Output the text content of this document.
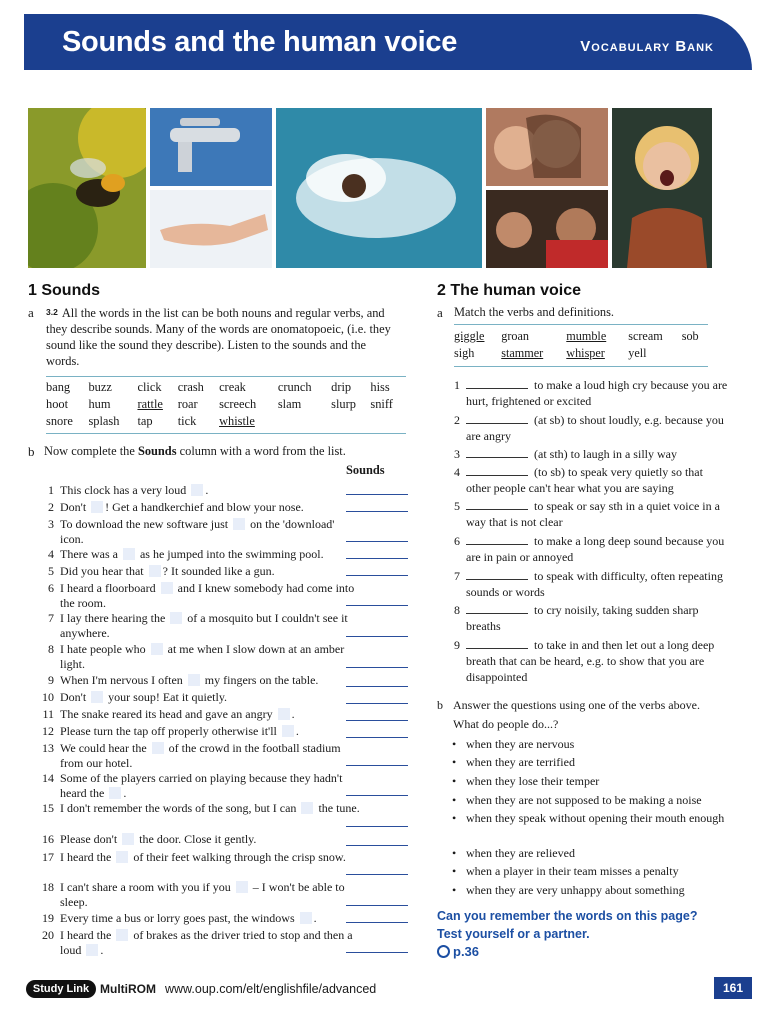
Sounds and the human voice	Vocabulary Bank
1 Sounds
a 3.2 All the words in the list can be both nouns and regular verbs, and they describe sounds. Many of the words are onomatopoeic, (i.e. they sound like the sound they describe). Listen to the sounds and the words.
bang	buzz	click	crash	creak	crunch	drip	hiss
hoot	hum	rattle	roar	screech	slam	slurp	sniff
snore	splash	tap	tick	whistle			
b Now complete the Sounds column with a word from the list.
Sounds
1 This clock has a very loud .
2 Don't ! Get a handkerchief and blow your nose.
3 To download the new software just  on the 'download' icon.
4 There was a  as he jumped into the swimming pool.
5 Did you hear that ? It sounded like a gun.
6 I heard a floorboard  and I knew somebody had come into the room.
7 I lay there hearing the  of a mosquito but I couldn't see it anywhere.
8 I hate people who  at me when I slow down at an amber light.
9 When I'm nervous I often  my fingers on the table.
10 Don't  your soup! Eat it quietly.
11 The snake reared its head and gave an angry .
12 Please turn the tap off properly otherwise it'll .
13 We could hear the  of the crowd in the football stadium from our hotel.
14 Some of the players carried on playing because they hadn't heard the .
15 I don't remember the words of the song, but I can  the tune.
16 Please don't  the door. Close it gently.
17 I heard the  of their feet walking through the crisp snow.
18 I can't share a room with you if you  – I won't be able to sleep.
19 Every time a bus or lorry goes past, the windows .
20 I heard the  of brakes as the driver tried to stop and then a loud .
2 The human voice
a Match the verbs and definitions.
giggle	groan	mumble	scream	sob
sigh	stammer	whisper	yell	
1	to make a loud high cry because you are hurt, frightened or excited
2	(at sb) to shout loudly, e.g. because you are angry
3	(at sth) to laugh in a silly way
4	(to sb) to speak very quietly so that other people can't hear what you are saying
5	to speak or say sth in a quiet voice in a way that is not clear
6	to make a long deep sound because you are in pain or annoyed
7	to speak with difficulty, often repeating sounds or words
8	to cry noisily, taking sudden sharp breaths
9	to take in and then let out a long deep breath that can be heard, e.g. to show that you are disappointed
b Answer the questions using one of the verbs above.
What do people do...?
• when they are nervous
• when they are terrified
• when they lose their temper
• when they are not supposed to be making a noise
• when they speak without opening their mouth enough
• when they are relieved
• when a player in their team misses a penalty
• when they are very unhappy about something
Can you remember the words on this page?
Test yourself or a partner.
p.36
Study Link MultiROM www.oup.com/elt/englishfile/advanced	161
